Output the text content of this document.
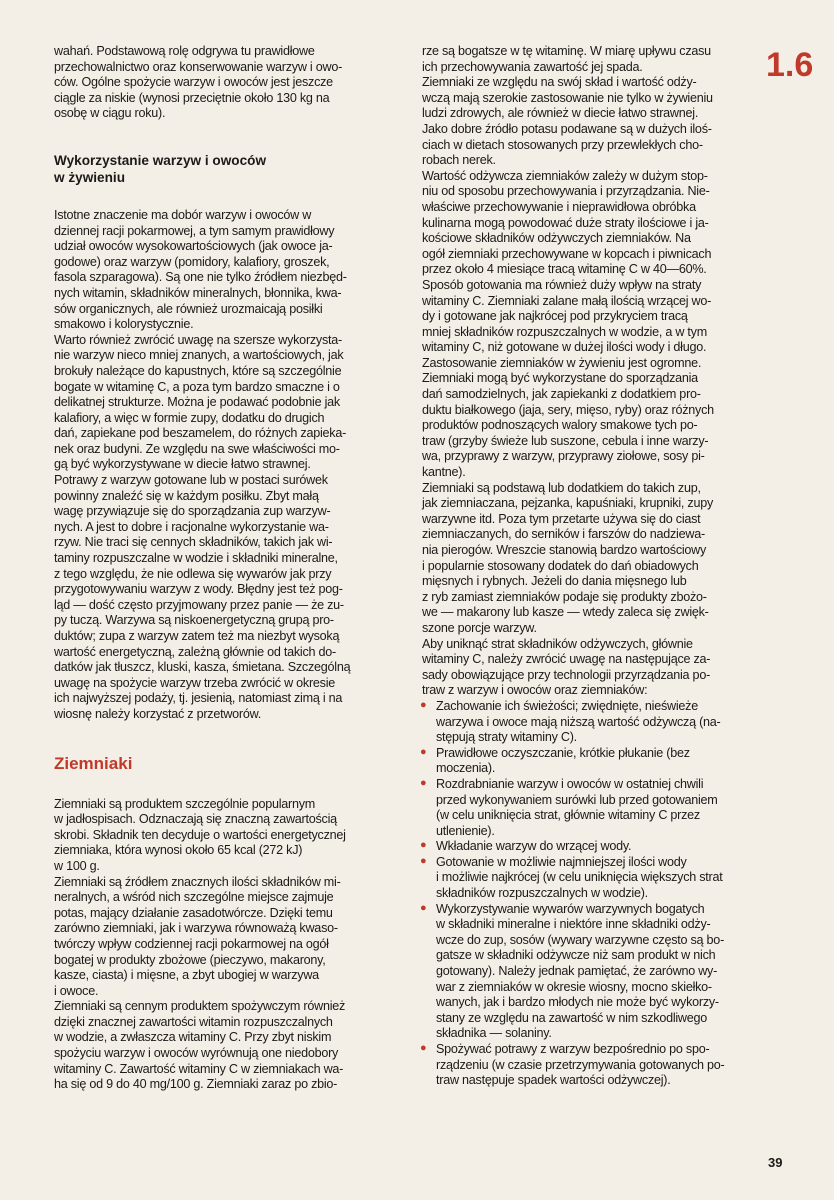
1.6
wahań. Podstawową rolę odgrywa tu prawidłowe
przechowalnictwo oraz konserwowanie warzyw i owo-
ców. Ogólne spożycie warzyw i owoców jest jeszcze
ciągle za niskie (wynosi przeciętnie około 130 kg na
osobę w ciągu roku).
Wykorzystanie warzyw i owoców
w żywieniu
Istotne znaczenie ma dobór warzyw i owoców w
dziennej racji pokarmowej, a tym samym prawidłowy
udział owoców wysokowartościowych (jak owoce ja-
godowe) oraz warzyw (pomidory, kalafiory, groszek,
fasola szparagowa). Są one nie tylko źródłem niezbęd-
nych witamin, składników mineralnych, błonnika, kwa-
sów organicznych, ale również urozmaicają posiłki
smakowo i kolorystycznie.
Warto również zwrócić uwagę na szersze wykorzysta-
nie warzyw nieco mniej znanych, a wartościowych, jak
brokuły należące do kapustnych, które są szczególnie
bogate w witaminę C, a poza tym bardzo smaczne i o
delikatnej strukturze. Można je podawać podobnie jak
kalafiory, a więc w formie zupy, dodatku do drugich
dań, zapiekane pod beszamelem, do różnych zapieka-
nek oraz budyni. Ze względu na swe właściwości mo-
gą być wykorzystywane w diecie łatwo strawnej.
Potrawy z warzyw gotowane lub w postaci surówek
powinny znaleźć się w każdym posiłku. Zbyt małą
wagę przywiązuje się do sporządzania zup warzyw-
nych. A jest to dobre i racjonalne wykorzystanie wa-
rzyw. Nie traci się cennych składników, takich jak wi-
taminy rozpuszczalne w wodzie i składniki mineralne,
z tego względu, że nie odlewa się wywarów jak przy
przygotowywaniu warzyw z wody. Błędny jest też pog-
ląd — dość często przyjmowany przez panie — że zu-
py tuczą. Warzywa są niskoenergetyczną grupą pro-
duktów; zupa z warzyw zatem też ma niezbyt wysoką
wartość energetyczną, zależną głównie od takich do-
datków jak tłuszcz, kluski, kasza, śmietana. Szczególną
uwagę na spożycie warzyw trzeba zwrócić w okresie
ich najwyższej podaży, tj. jesienią, natomiast zimą i na
wiosnę należy korzystać z przetworów.
Ziemniaki
Ziemniaki są produktem szczególnie popularnym
w jadłospisach. Odznaczają się znaczną zawartością
skrobi. Składnik ten decyduje o wartości energetycznej
ziemniaka, która wynosi około 65 kcal (272 kJ)
w 100 g.
Ziemniaki są źródłem znacznych ilości składników mi-
neralnych, a wśród nich szczególne miejsce zajmuje
potas, mający działanie zasadotwórcze. Dzięki temu
zarówno ziemniaki, jak i warzywa równoważą kwaso-
twórczy wpływ codziennej racji pokarmowej na ogół
bogatej w produkty zbożowe (pieczywo, makarony,
kasze, ciasta) i mięsne, a zbyt ubogiej w warzywa
i owoce.
Ziemniaki są cennym produktem spożywczym również
dzięki znacznej zawartości witamin rozpuszczalnych
w wodzie, a zwłaszcza witaminy C. Przy zbyt niskim
spożyciu warzyw i owoców wyrównują one niedobory
witaminy C. Zawartość witaminy C w ziemniakach wa-
ha się od 9 do 40 mg/100 g. Ziemniaki zaraz po zbio-
rze są bogatsze w tę witaminę. W miarę upływu czasu
ich przechowywania zawartość jej spada.
Ziemniaki ze względu na swój skład i wartość odży-
wczą mają szerokie zastosowanie nie tylko w żywieniu
ludzi zdrowych, ale również w diecie łatwo strawnej.
Jako dobre źródło potasu podawane są w dużych iloś-
ciach w dietach stosowanych przy przewlekłych cho-
robach nerek.
Wartość odżywcza ziemniaków zależy w dużym stop-
niu od sposobu przechowywania i przyrządzania. Nie-
właściwe przechowywanie i nieprawidłowa obróbka
kulinarna mogą powodować duże straty ilościowe i ja-
kościowe składników odżywczych ziemniaków. Na
ogół ziemniaki przechowywane w kopcach i piwnicach
przez około 4 miesiące tracą witaminę C w 40—60%.
Sposób gotowania ma również duży wpływ na straty
witaminy C. Ziemniaki zalane małą ilością wrzącej wo-
dy i gotowane jak najkrócej pod przykryciem tracą
mniej składników rozpuszczalnych w wodzie, a w tym
witaminy C, niż gotowane w dużej ilości wody i długo.
Zastosowanie ziemniaków w żywieniu jest ogromne.
Ziemniaki mogą być wykorzystane do sporządzania
dań samodzielnych, jak zapiekanki z dodatkiem pro-
duktu białkowego (jaja, sery, mięso, ryby) oraz różnych
produktów podnoszących walory smakowe tych po-
traw (grzyby świeże lub suszone, cebula i inne warzy-
wa, przyprawy z warzyw, przyprawy ziołowe, sosy pi-
kantne).
Ziemniaki są podstawą lub dodatkiem do takich zup,
jak ziemniaczana, pejzanka, kapuśniaki, krupniki, zupy
warzywne itd. Poza tym przetarte używa się do ciast
ziemniaczanych, do serników i farszów do nadziewa-
nia pierogów. Wreszcie stanowią bardzo wartościowy
i popularnie stosowany dodatek do dań obiadowych
mięsnych i rybnych. Jeżeli do dania mięsnego lub
z ryb zamiast ziemniaków podaje się produkty zbożo-
we — makarony lub kasze — wtedy zaleca się zwięk-
szone porcje warzyw.
Aby uniknąć strat składników odżywczych, głównie
witaminy C, należy zwrócić uwagę na następujące za-
sady obowiązujące przy technologii przyrządzania po-
traw z warzyw i owoców oraz ziemniaków:
● Zachowanie ich świeżości; zwiędnięte, nieświeże
warzywa i owoce mają niższą wartość odżywczą (na-
stępują straty witaminy C).
● Prawidłowe oczyszczanie, krótkie płukanie (bez
moczenia).
● Rozdrabnianie warzyw i owoców w ostatniej chwili
przed wykonywaniem surówki lub przed gotowaniem
(w celu uniknięcia strat, głównie witaminy C przez
utlenienie).
● Wkładanie warzyw do wrzącej wody.
● Gotowanie w możliwie najmniejszej ilości wody
i możliwie najkrócej (w celu uniknięcia większych strat
składników rozpuszczalnych w wodzie).
● Wykorzystywanie wywarów warzywnych bogatych
w składniki mineralne i niektóre inne składniki odży-
wcze do zup, sosów (wywary warzywne często są bo-
gatsze w składniki odżywcze niż sam produkt w nich
gotowany). Należy jednak pamiętać, że zarówno wy-
war z ziemniaków w okresie wiosny, mocno skiełko-
wanych, jak i bardzo młodych nie może być wykorzy-
stany ze względu na zawartość w nim szkodliwego
składnika — solaniny.
● Spożywać potrawy z warzyw bezpośrednio po spo-
rządzeniu (w czasie przetrzymywania gotowanych po-
traw następuje spadek wartości odżywczej).
39
